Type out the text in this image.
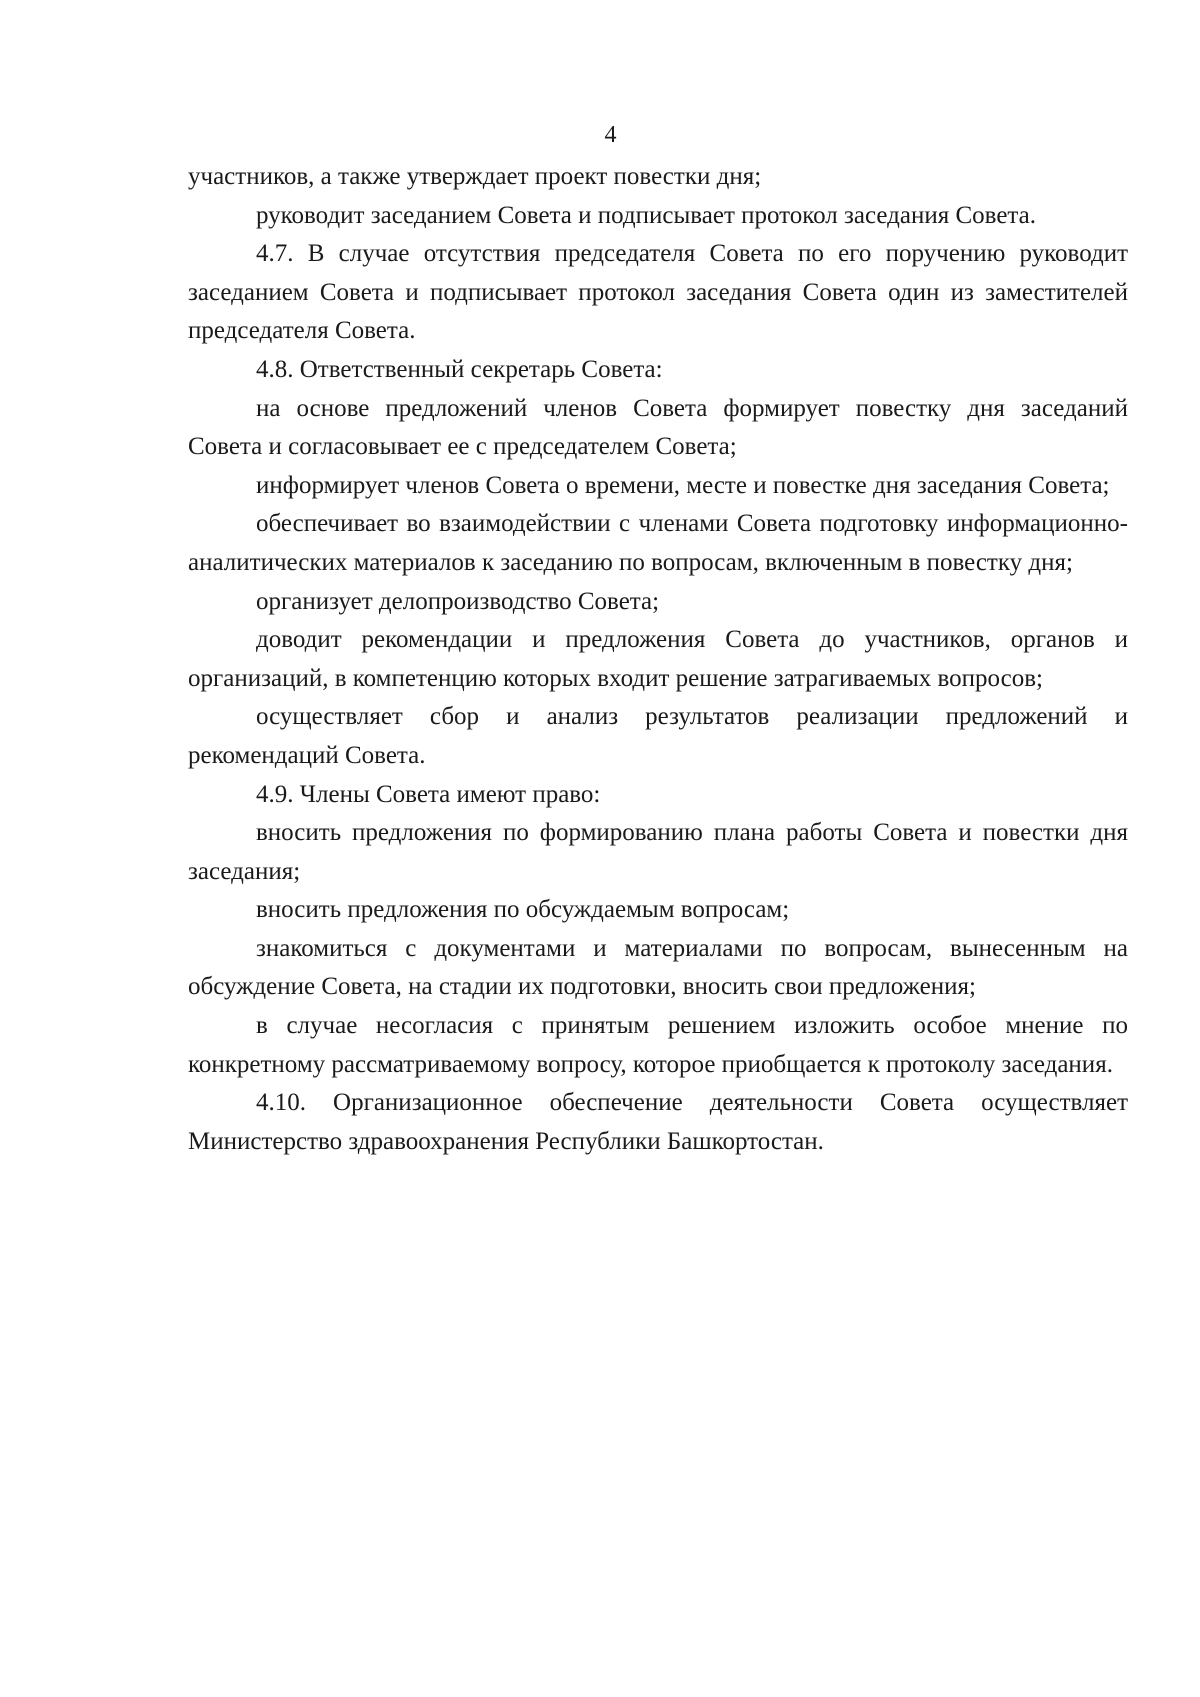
4

участников, а также утверждает проект повестки дня;

руководит заседанием Совета и подписывает протокол заседания Совета.

4.7. В случае отсутствия председателя Совета по его поручению руководит заседанием Совета и подписывает протокол заседания Совета один из заместителей председателя Совета.

4.8. Ответственный секретарь Совета:

на основе предложений членов Совета формирует повестку дня заседаний Совета и согласовывает ее с председателем Совета;

информирует членов Совета о времени, месте и повестке дня заседания Совета;

обеспечивает во взаимодействии с членами Совета подготовку информационно-аналитических материалов к заседанию по вопросам, включенным в повестку дня;

организует делопроизводство Совета;

доводит рекомендации и предложения Совета до участников, органов и организаций, в компетенцию которых входит решение затрагиваемых вопросов;

осуществляет сбор и анализ результатов реализации предложений и рекомендаций Совета.

4.9. Члены Совета имеют право:

вносить предложения по формированию плана работы Совета и повестки дня заседания;

вносить предложения по обсуждаемым вопросам;

знакомиться с документами и материалами по вопросам, вынесенным на обсуждение Совета, на стадии их подготовки, вносить свои предложения;

в случае несогласия с принятым решением изложить особое мнение по конкретному рассматриваемому вопросу, которое приобщается к протоколу заседания.

4.10. Организационное обеспечение деятельности Совета осуществляет Министерство здравоохранения Республики Башкортостан.
